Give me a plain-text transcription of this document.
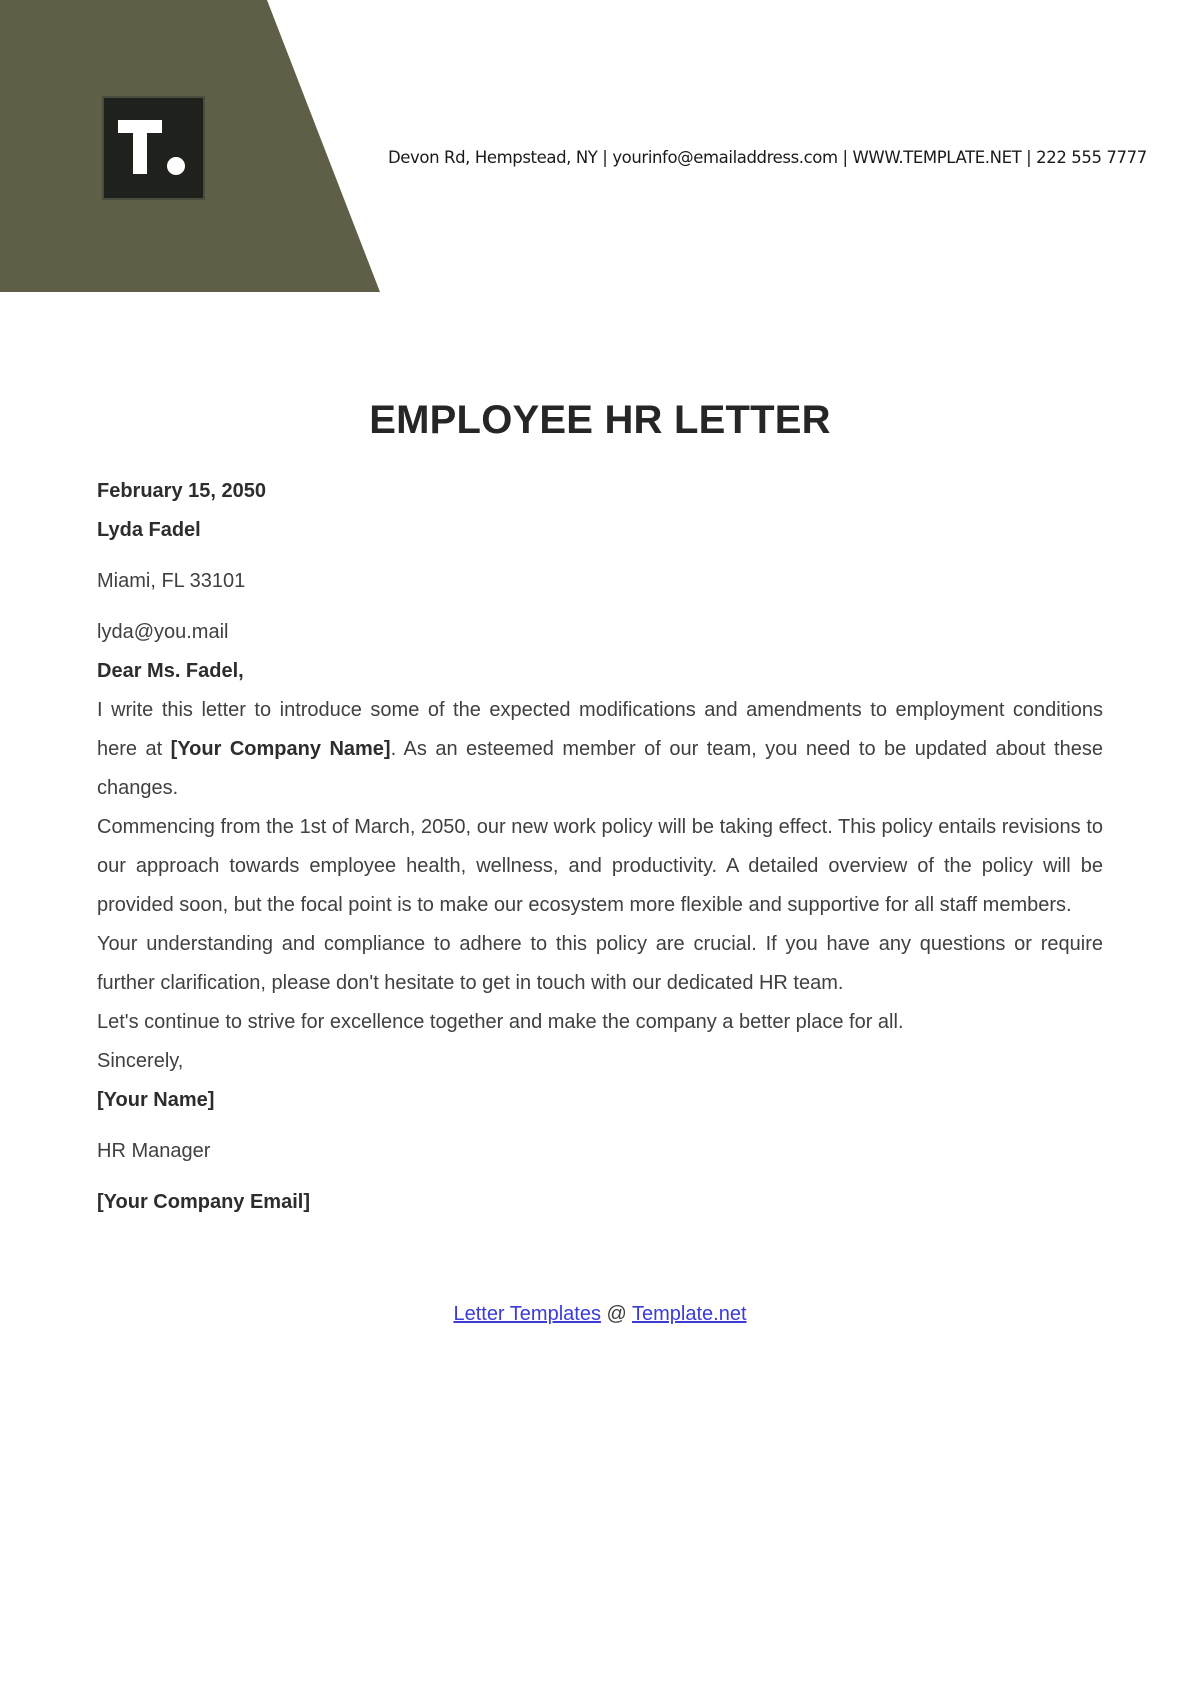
Devon Rd, Hempstead, NY | yourinfo@emailaddress.com | WWW.TEMPLATE.NET | 222 555 7777
EMPLOYEE HR LETTER

February 15, 2050

Lyda Fadel

Miami, FL 33101

lyda@you.mail

Dear Ms. Fadel,

I write this letter to introduce some of the expected modifications and amendments to employment conditions here at [Your Company Name]. As an esteemed member of our team, you need to be updated about these changes.

Commencing from the 1st of March, 2050, our new work policy will be taking effect. This policy entails revisions to our approach towards employee health, wellness, and productivity. A detailed overview of the policy will be provided soon, but the focal point is to make our ecosystem more flexible and supportive for all staff members.

Your understanding and compliance to adhere to this policy are crucial. If you have any questions or require further clarification, please don't hesitate to get in touch with our dedicated HR team.

Let's continue to strive for excellence together and make the company a better place for all.

Sincerely,

[Your Name]

HR Manager

[Your Company Email]

Letter Templates @ Template.net
